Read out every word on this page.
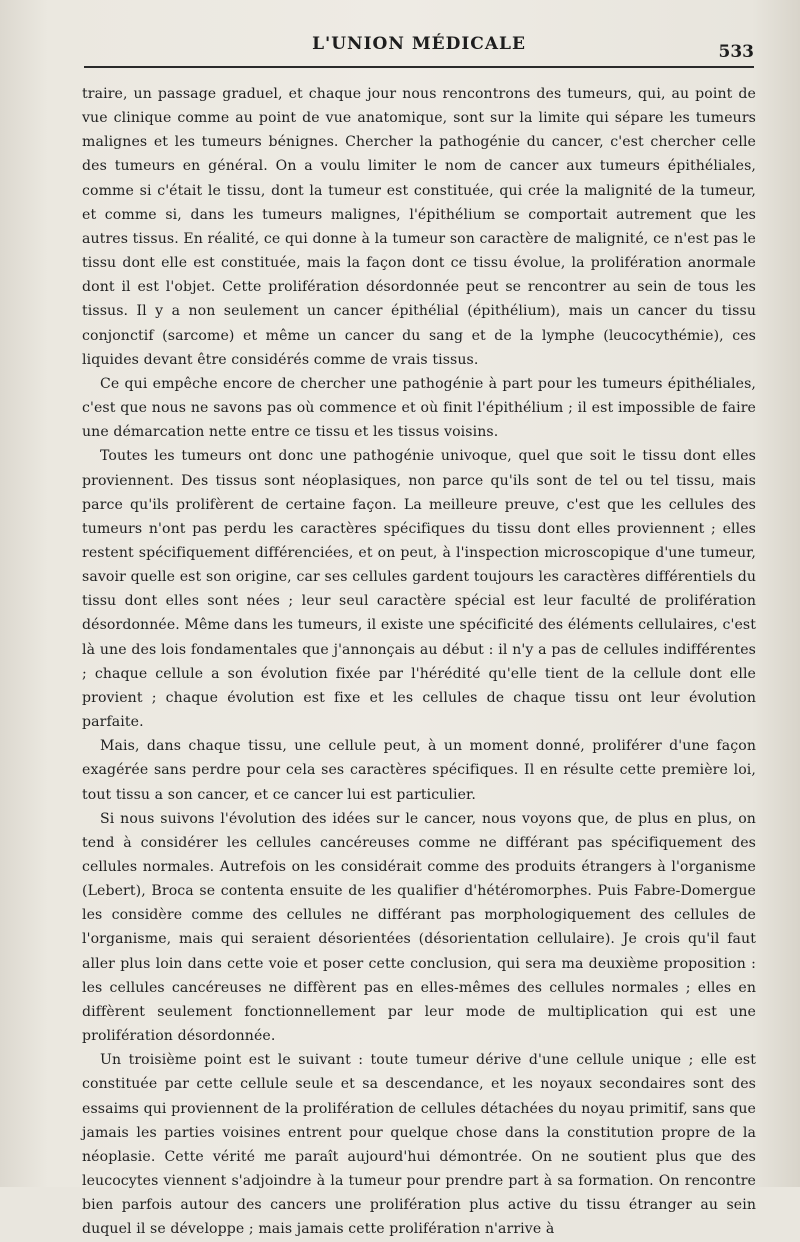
L'UNION MÉDICALE	533

traire, un passage graduel, et chaque jour nous rencontrons des tumeurs, qui, au point de vue clinique comme au point de vue anatomique, sont sur la limite qui sépare les tumeurs malignes et les tumeurs bénignes. Chercher la pathogénie du cancer, c'est chercher celle des tumeurs en général. On a voulu limiter le nom de cancer aux tumeurs épithéliales, comme si c'était le tissu, dont la tumeur est constituée, qui crée la malignité de la tumeur, et comme si, dans les tumeurs malignes, l'épithélium se comportait autrement que les autres tissus. En réalité, ce qui donne à la tumeur son caractère de malignité, ce n'est pas le tissu dont elle est constituée, mais la façon dont ce tissu évolue, la prolifération anormale dont il est l'objet. Cette prolifération désordonnée peut se rencontrer au sein de tous les tissus. Il y a non seulement un cancer épithélial (épithélium), mais un cancer du tissu conjonctif (sarcome) et même un cancer du sang et de la lymphe (leucocythémie), ces liquides devant être considérés comme de vrais tissus.

Ce qui empêche encore de chercher une pathogénie à part pour les tumeurs épithéliales, c'est que nous ne savons pas où commence et où finit l'épithélium ; il est impossible de faire une démarcation nette entre ce tissu et les tissus voisins.

Toutes les tumeurs ont donc une pathogénie univoque, quel que soit le tissu dont elles proviennent. Des tissus sont néoplasiques, non parce qu'ils sont de tel ou tel tissu, mais parce qu'ils prolifèrent de certaine façon. La meilleure preuve, c'est que les cellules des tumeurs n'ont pas perdu les caractères spécifiques du tissu dont elles proviennent ; elles restent spécifiquement différenciées, et on peut, à l'inspection microscopique d'une tumeur, savoir quelle est son origine, car ses cellules gardent toujours les caractères différentiels du tissu dont elles sont nées ; leur seul caractère spécial est leur faculté de prolifération désordonnée. Même dans les tumeurs, il existe une spécificité des éléments cellulaires, c'est là une des lois fondamentales que j'annonçais au début : il n'y a pas de cellules indifférentes ; chaque cellule a son évolution fixée par l'hérédité qu'elle tient de la cellule dont elle provient ; chaque évolution est fixe et les cellules de chaque tissu ont leur évolution parfaite.

Mais, dans chaque tissu, une cellule peut, à un moment donné, proliférer d'une façon exagérée sans perdre pour cela ses caractères spécifiques. Il en résulte cette première loi, tout tissu a son cancer, et ce cancer lui est particulier.

Si nous suivons l'évolution des idées sur le cancer, nous voyons que, de plus en plus, on tend à considérer les cellules cancéreuses comme ne différant pas spécifiquement des cellules normales. Autrefois on les considérait comme des produits étrangers à l'organisme (Lebert), Broca se contenta ensuite de les qualifier d'hétéromorphes. Puis Fabre-Domergue les considère comme des cellules ne différant pas morphologiquement des cellules de l'organisme, mais qui seraient désorientées (désorientation cellulaire). Je crois qu'il faut aller plus loin dans cette voie et poser cette conclusion, qui sera ma deuxième proposition : les cellules cancéreuses ne diffèrent pas en elles-mêmes des cellules normales ; elles en diffèrent seulement fonctionnellement par leur mode de multiplication qui est une prolifération désordonnée.

Un troisième point est le suivant : toute tumeur dérive d'une cellule unique ; elle est constituée par cette cellule seule et sa descendance, et les noyaux secondaires sont des essaims qui proviennent de la prolifération de cellules détachées du noyau primitif, sans que jamais les parties voisines entrent pour quelque chose dans la constitution propre de la néoplasie. Cette vérité me paraît aujourd'hui démontrée. On ne soutient plus que des leucocytes viennent s'adjoindre à la tumeur pour prendre part à sa formation. On rencontre bien parfois autour des cancers une prolifération plus active du tissu étranger au sein duquel il se développe ; mais jamais cette prolifération n'arrive à
